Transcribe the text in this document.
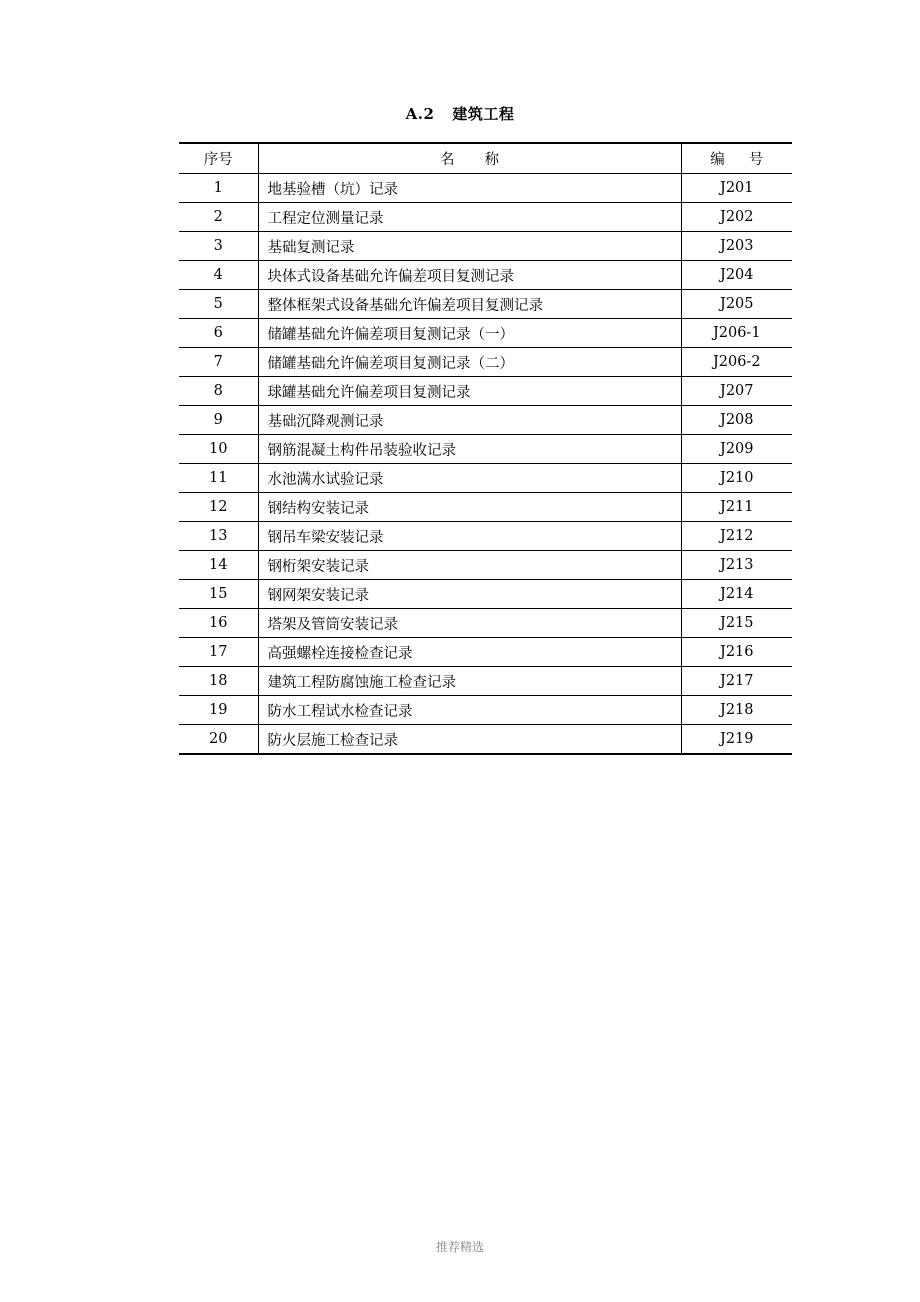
A.2 建筑工程
序号	名称	编号
1	地基验槽（坑）记录	J201
2	工程定位测量记录	J202
3	基础复测记录	J203
4	块体式设备基础允许偏差项目复测记录	J204
5	整体框架式设备基础允许偏差项目复测记录	J205
6	储罐基础允许偏差项目复测记录（一）	J206-1
7	储罐基础允许偏差项目复测记录（二）	J206-2
8	球罐基础允许偏差项目复测记录	J207
9	基础沉降观测记录	J208
10	钢筋混凝土构件吊装验收记录	J209
11	水池满水试验记录	J210
12	钢结构安装记录	J211
13	钢吊车梁安装记录	J212
14	钢桁架安装记录	J213
15	钢网架安装记录	J214
16	塔架及管筒安装记录	J215
17	高强螺栓连接检查记录	J216
18	建筑工程防腐蚀施工检查记录	J217
19	防水工程试水检查记录	J218
20	防火层施工检查记录	J219
推荐精选
